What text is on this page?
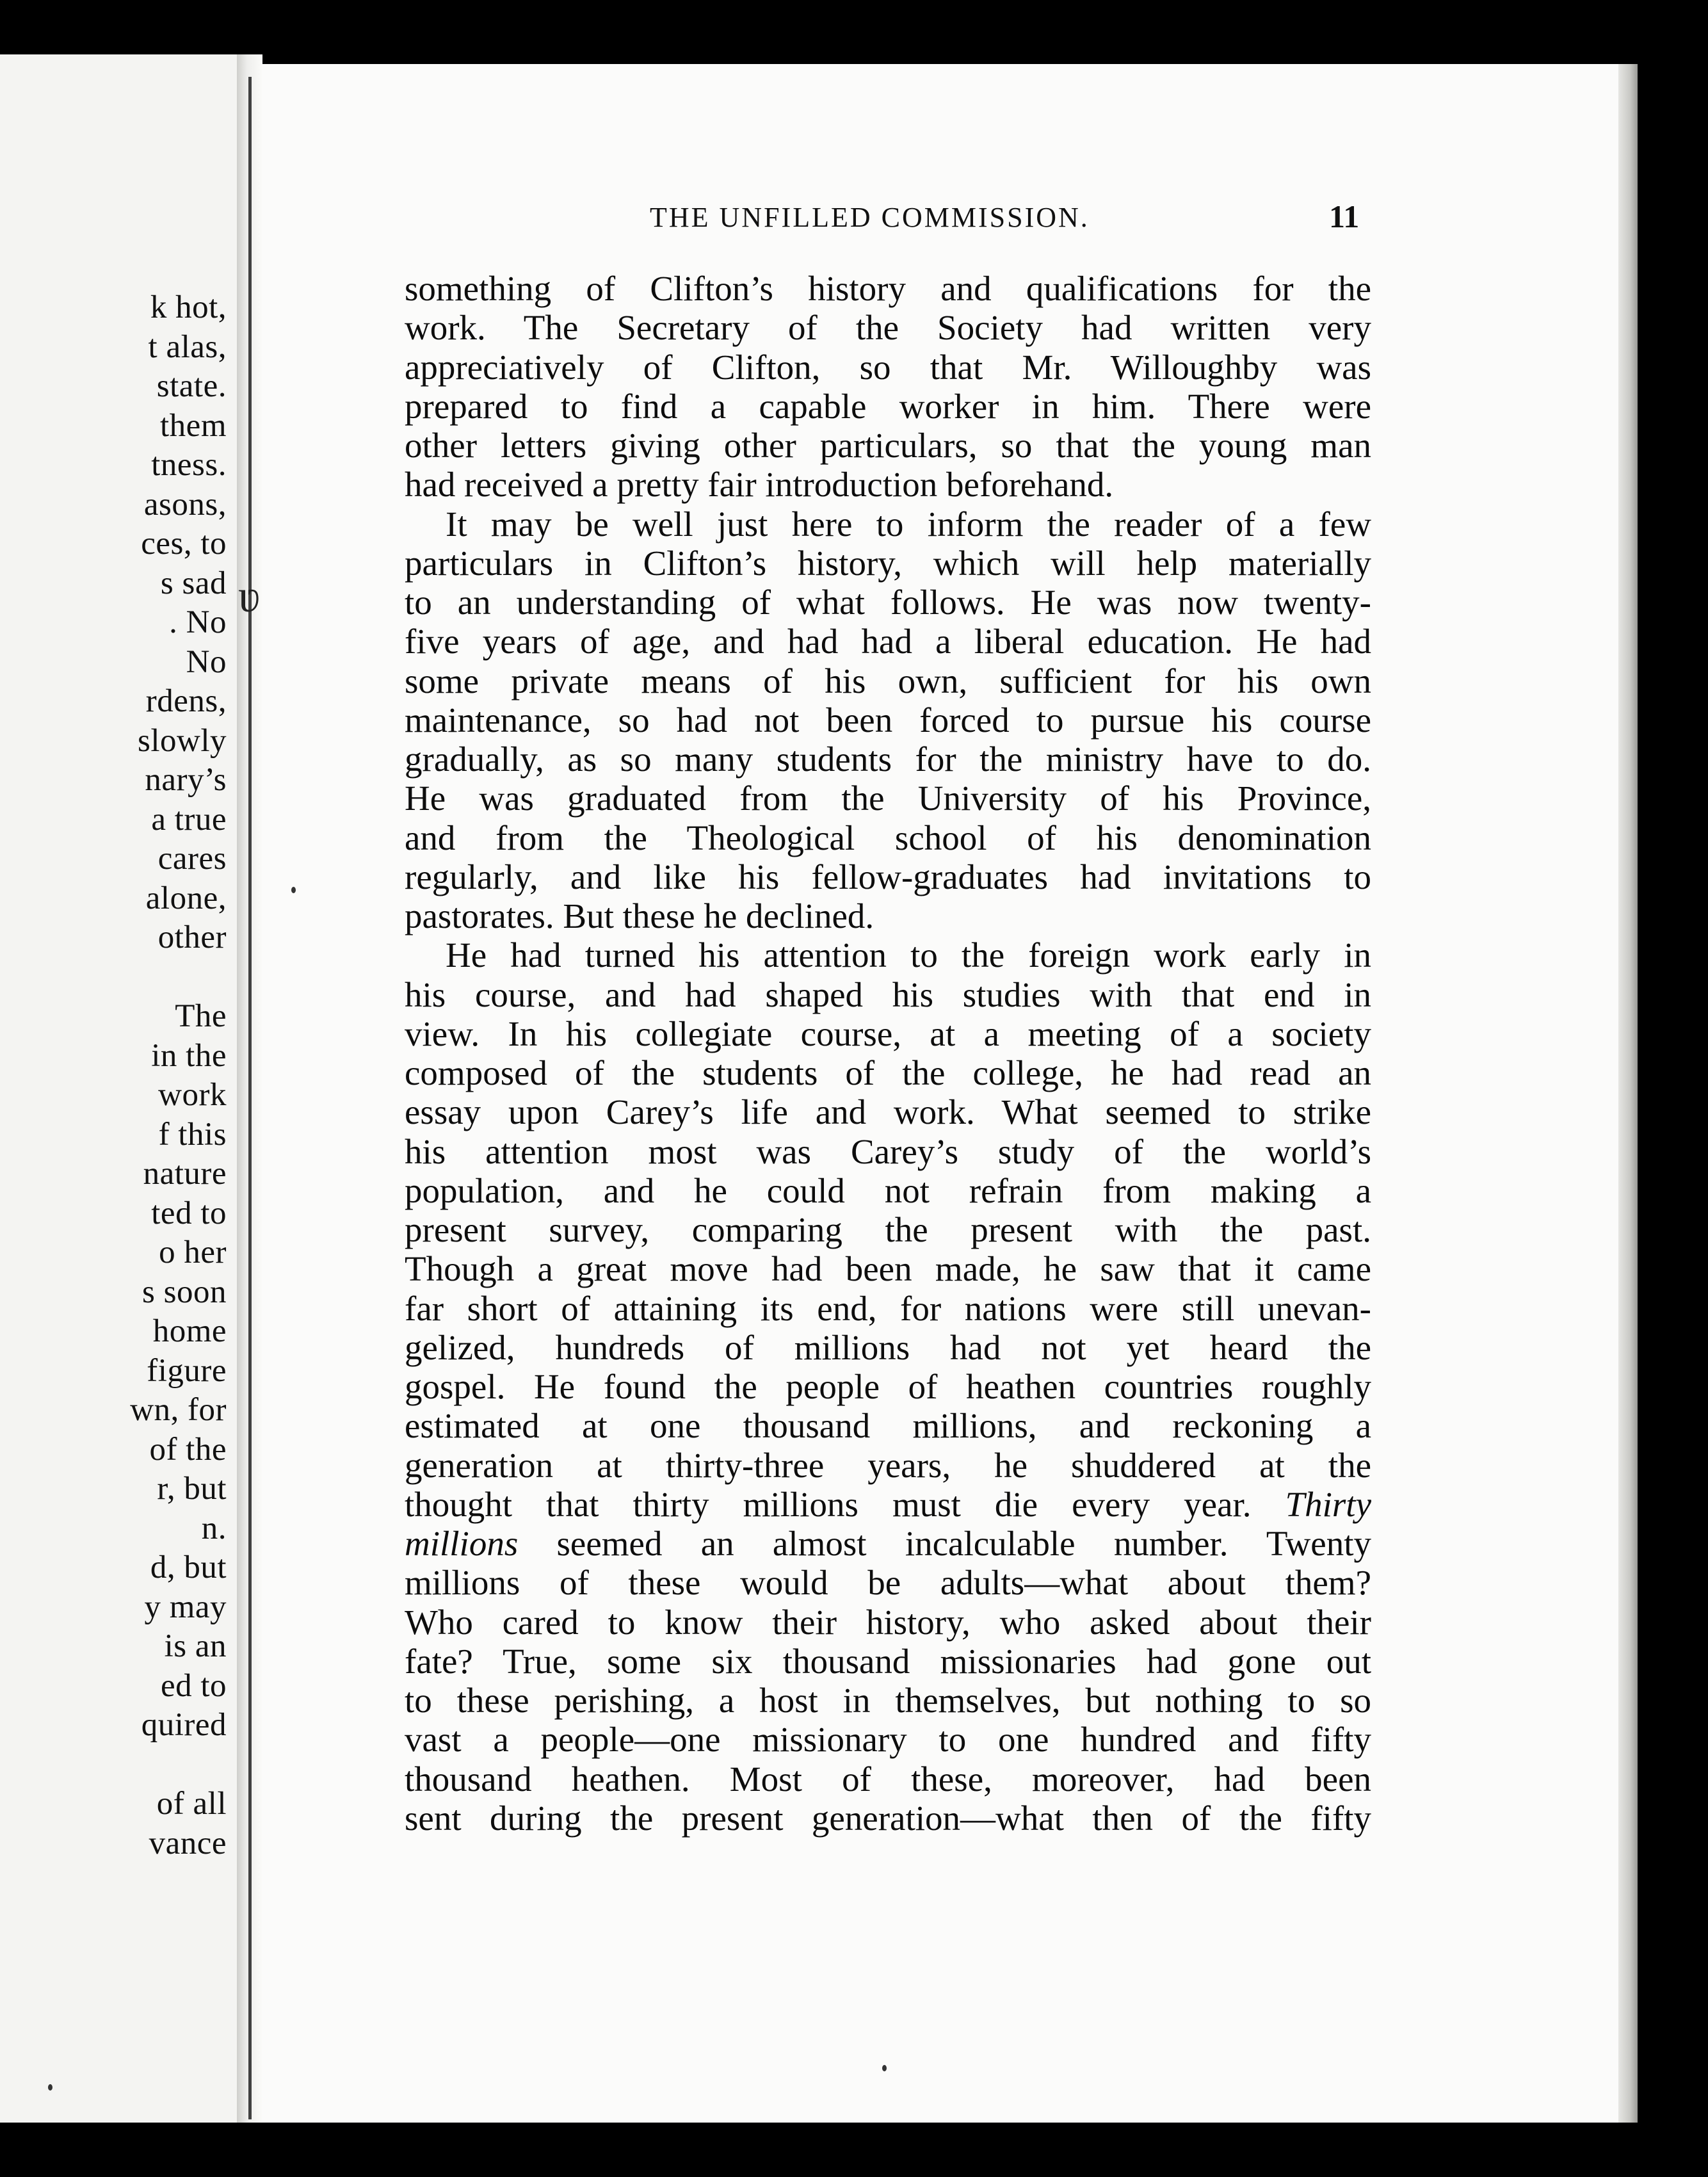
k hot,
t alas,
state.
them
tness.
asons,
ces, to
s sad
. No
No
rdens,
slowly
nary’s
a true
cares
alone,
other
The
in the
work
f this
nature
ted to
o her
s soon
home
figure
wn, for
of the
r, but
n.
d, but
y may
is an
ed to
quired
of all
vance
ʋ
THE UNFILLED COMMISSION.	11
something of Clifton’s history and qualifications for the
work. The Secretary of the Society had written very
appreciatively of Clifton, so that Mr. Willoughby was
prepared to find a capable worker in him. There were
other letters giving other particulars, so that the young man
had received a pretty fair introduction beforehand.
It may be well just here to inform the reader of a few
particulars in Clifton’s history, which will help materially
to an understanding of what follows. He was now twenty-
five years of age, and had had a liberal education. He had
some private means of his own, sufficient for his own
maintenance, so had not been forced to pursue his course
gradually, as so many students for the ministry have to do.
He was graduated from the University of his Province,
and from the Theological school of his denomination
regularly, and like his fellow-graduates had invitations to
pastorates. But these he declined.
He had turned his attention to the foreign work early in
his course, and had shaped his studies with that end in
view. In his collegiate course, at a meeting of a society
composed of the students of the college, he had read an
essay upon Carey’s life and work. What seemed to strike
his attention most was Carey’s study of the world’s
population, and he could not refrain from making a
present survey, comparing the present with the past.
Though a great move had been made, he saw that it came
far short of attaining its end, for nations were still unevan-
gelized, hundreds of millions had not yet heard the
gospel. He found the people of heathen countries roughly
estimated at one thousand millions, and reckoning a
generation at thirty-three years, he shuddered at the
thought that thirty millions must die every year. Thirty
millions seemed an almost incalculable number. Twenty
millions of these would be adults—what about them?
Who cared to know their history, who asked about their
fate? True, some six thousand missionaries had gone out
to these perishing, a host in themselves, but nothing to so
vast a people—one missionary to one hundred and fifty
thousand heathen. Most of these, moreover, had been
sent during the present generation—what then of the fifty
